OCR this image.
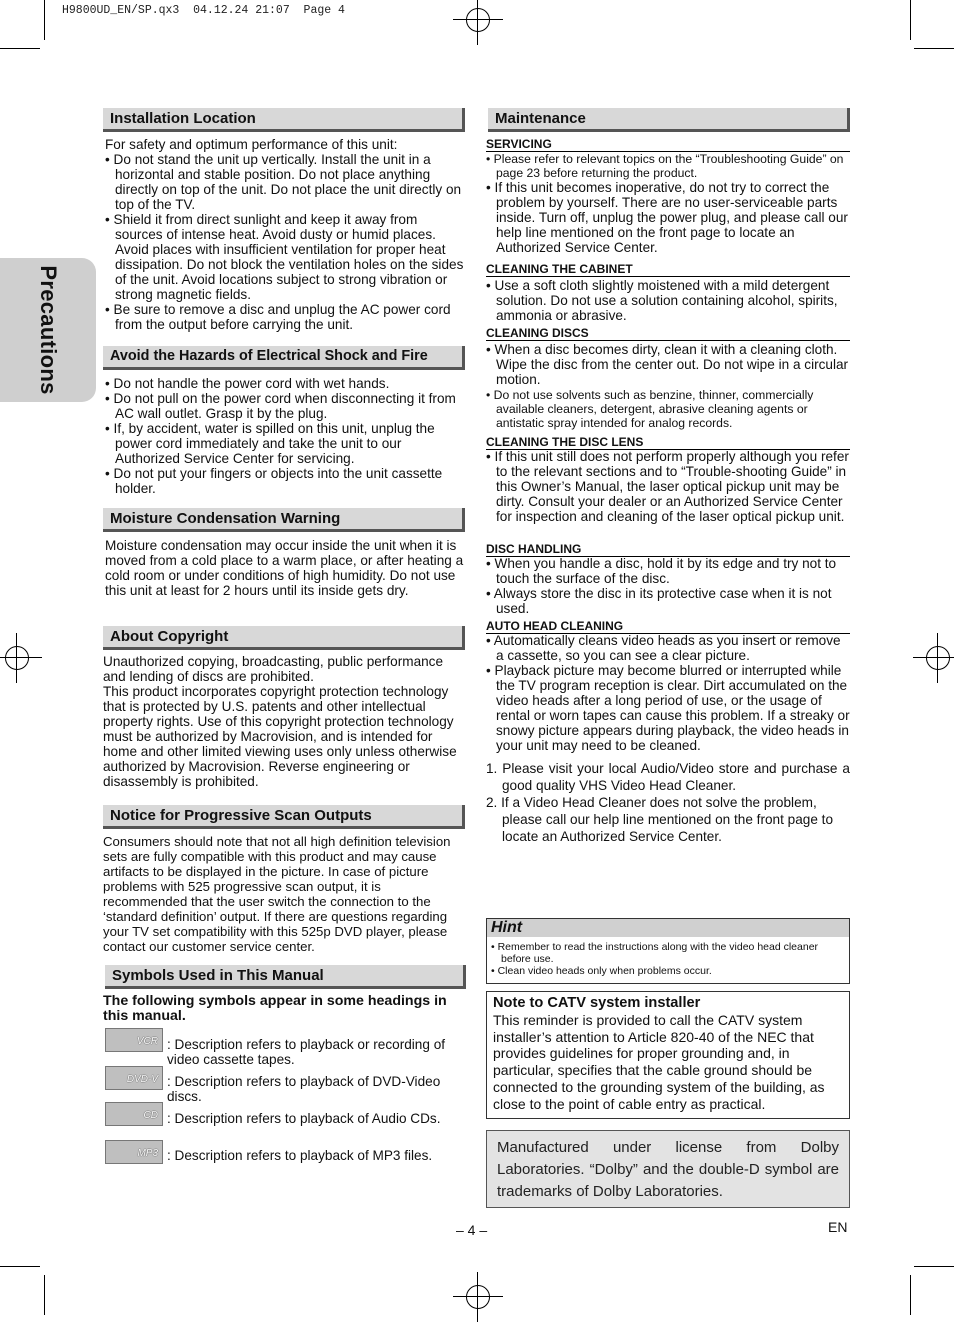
H9800UD_EN/SP.qx3  04.12.24 21:07  Page 4
Precautions
Installation Location

For safety and optimum performance of this unit:

• Do not stand the unit up vertically. Install the unit in a horizontal and stable position. Do not place anything directly on top of the unit. Do not place the unit directly on top of the TV.

• Shield it from direct sunlight and keep it away from sources of intense heat. Avoid dusty or humid places. Avoid places with insufficient ventilation for proper heat dissipation. Do not block the ventilation holes on the sides of the unit. Avoid locations subject to strong vibration or strong magnetic fields.

• Be sure to remove a disc and unplug the AC power cord from the output before carrying the unit.

Avoid the Hazards of Electrical Shock and Fire

• Do not handle the power cord with wet hands.

• Do not pull on the power cord when disconnecting it from AC wall outlet. Grasp it by the plug.

• If, by accident, water is spilled on this unit, unplug the power cord immediately and take the unit to our Authorized Service Center for servicing.

• Do not put your fingers or objects into the unit cassette holder.

Moisture Condensation Warning

Moisture condensation may occur inside the unit when it is moved from a cold place to a warm place, or after heating a cold room or under conditions of high humidity. Do not use this unit at least for 2 hours until its inside gets dry.

About Copyright

Unauthorized copying, broadcasting, public performance and lending of discs are prohibited.

This product incorporates copyright protection technology that is protected by U.S. patents and other intellectual property rights. Use of this copyright protection technology must be authorized by Macrovision, and is intended for home and other limited viewing uses only unless otherwise authorized by Macrovision. Reverse engineering or disassembly is prohibited.

Notice for Progressive Scan Outputs

Consumers should note that not all high definition television sets are fully compatible with this product and may cause artifacts to be displayed in the picture. In case of picture problems with 525 progressive scan output, it is recommended that the user switch the connection to the ‘standard definition’ output. If there are questions regarding your TV set compatibility with this 525p DVD player, please contact our customer service center.

Symbols Used in This Manual

The following symbols appear in some headings in this manual.

VCR : Description refers to playback or recording of video cassette tapes.
DVD-V : Description refers to playback of DVD-Video discs.
CD : Description refers to playback of Audio CDs.
MP3 : Description refers to playback of MP3 files.
Maintenance
SERVICING

• Please refer to relevant topics on the “Troubleshooting Guide” on page 23 before returning the product.

• If this unit becomes inoperative, do not try to correct the problem by yourself. There are no user-serviceable parts inside. Turn off, unplug the power plug, and please call our help line mentioned on the front page to locate an Authorized Service Center.

CLEANING THE CABINET

• Use a soft cloth slightly moistened with a mild detergent solution. Do not use a solution containing alcohol, spirits, ammonia or abrasive.

CLEANING DISCS

• When a disc becomes dirty, clean it with a cleaning cloth. Wipe the disc from the center out. Do not wipe in a circular motion.

• Do not use solvents such as benzine, thinner, commercially available cleaners, detergent, abrasive cleaning agents or antistatic spray intended for analog records.

CLEANING THE DISC LENS

• If this unit still does not perform properly although you refer to the relevant sections and to “Trouble-shooting Guide” in this Owner’s Manual, the laser optical pickup unit may be dirty. Consult your dealer or an Authorized Service Center for inspection and cleaning of the laser optical pickup unit.

DISC HANDLING

• When you handle a disc, hold it by its edge and try not to touch the surface of the disc.

• Always store the disc in its protective case when it is not used.

AUTO HEAD CLEANING

• Automatically cleans video heads as you insert or remove a cassette, so you can see a clear picture.

• Playback picture may become blurred or interrupted while the TV program reception is clear. Dirt accumulated on the video heads after a long period of use, or the usage of rental or worn tapes can cause this problem. If a streaky or snowy picture appears during playback, the video heads in your unit may need to be cleaned.

1. Please visit your local Audio/Video store and purchase a good quality VHS Video Head Cleaner.

2. If a Video Head Cleaner does not solve the problem, please call our help line mentioned on the front page to locate an Authorized Service Center.

Hint

• Remember to read the instructions along with the video head cleaner before use.

• Clean video heads only when problems occur.

Note to CATV system installer
This reminder is provided to call the CATV system installer’s attention to Article 820-40 of the NEC that provides guidelines for proper grounding and, in particular, specifies that the cable ground should be connected to the grounding system of the building, as close to the point of cable entry as practical.
Manufactured under license from Dolby Laboratories. “Dolby” and the double-D symbol are trademarks of Dolby Laboratories.
– 4 –	EN
